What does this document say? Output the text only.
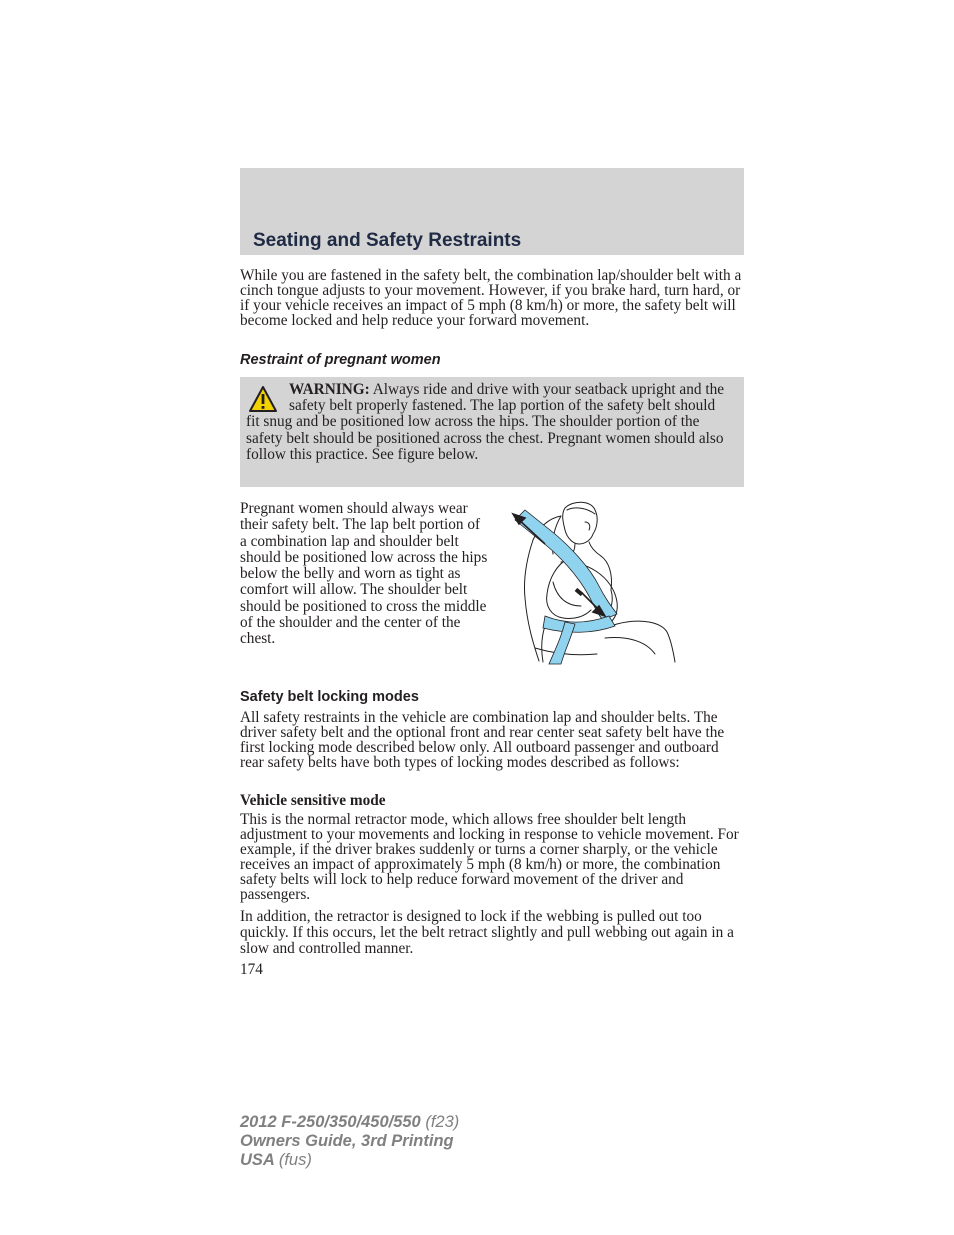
Seating and Safety Restraints

While you are fastened in the safety belt, the combination lap/shoulder belt with a cinch tongue adjusts to your movement. However, if you brake hard, turn hard, or if your vehicle receives an impact of 5 mph (8 km/h) or more, the safety belt will become locked and help reduce your forward movement.

Restraint of pregnant women

WARNING: Always ride and drive with your seatback upright and the safety belt properly fastened. The lap portion of the safety belt should fit snug and be positioned low across the hips. The shoulder portion of the safety belt should be positioned across the chest. Pregnant women should also follow this practice. See figure below.

Pregnant women should always wear their safety belt. The lap belt portion of a combination lap and shoulder belt should be positioned low across the hips below the belly and worn as tight as comfort will allow. The shoulder belt should be positioned to cross the middle of the shoulder and the center of the chest.

Safety belt locking modes

All safety restraints in the vehicle are combination lap and shoulder belts. The driver safety belt and the optional front and rear center seat safety belt have the first locking mode described below only. All outboard passenger and outboard rear safety belts have both types of locking modes described as follows:

Vehicle sensitive mode

This is the normal retractor mode, which allows free shoulder belt length adjustment to your movements and locking in response to vehicle movement. For example, if the driver brakes suddenly or turns a corner sharply, or the vehicle receives an impact of approximately 5 mph (8 km/h) or more, the combination safety belts will lock to help reduce forward movement of the driver and passengers.

In addition, the retractor is designed to lock if the webbing is pulled out too quickly. If this occurs, let the belt retract slightly and pull webbing out again in a slow and controlled manner.

174

2012 F-250/350/450/550 (f23)
Owners Guide, 3rd Printing
USA (fus)
